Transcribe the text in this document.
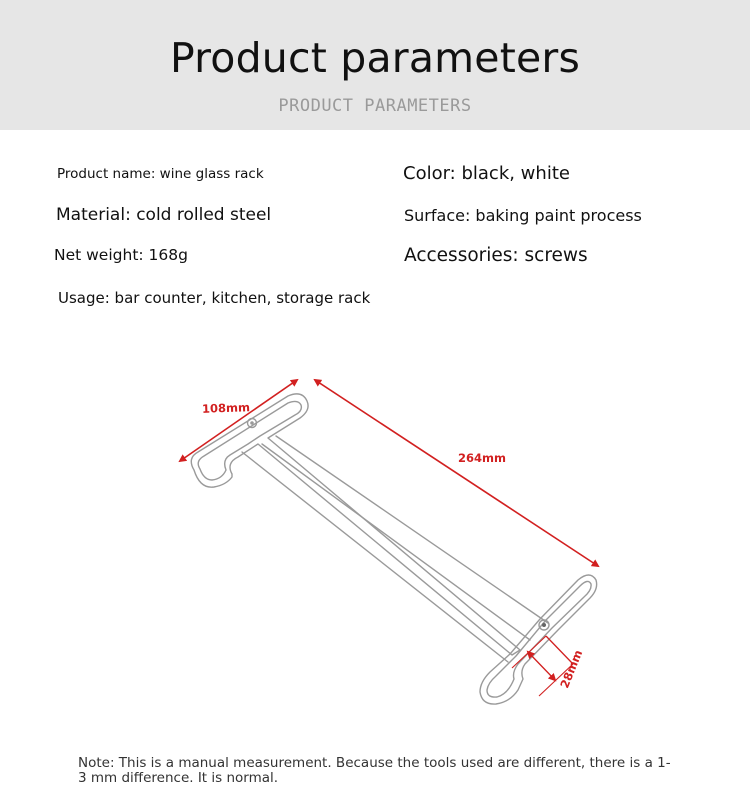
Product parameters
PRODUCT PARAMETERS
Product name: wine glass rack	Color: black, white
Material: cold rolled steel	Surface: baking paint process
Net weight: 168g	Accessories: screws
Usage: bar counter, kitchen, storage rack
108mm
264mm
28mm
Note: This is a manual measurement. Because the tools used are different, there is a 1-3 mm difference. It is normal.
